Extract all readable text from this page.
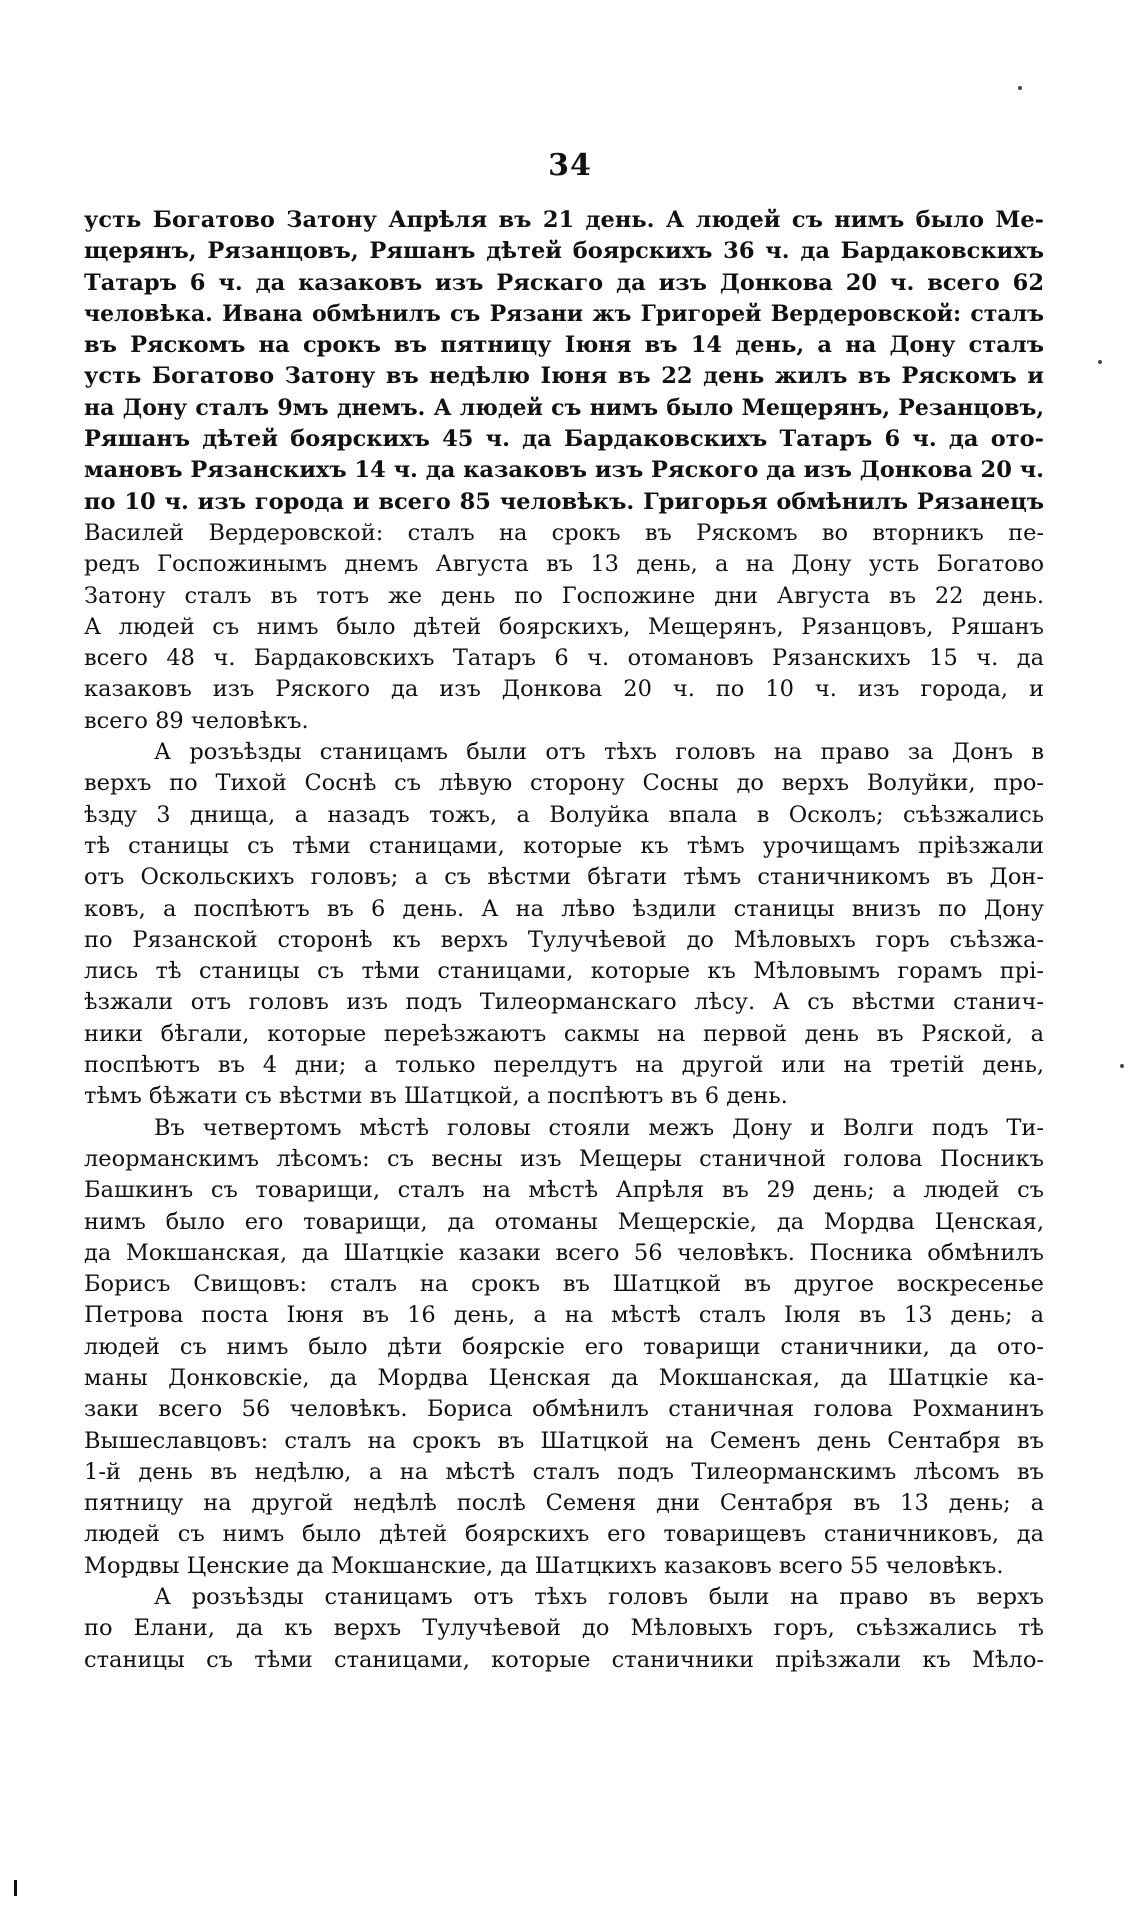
34
усть Богатово Затону Апрѣля въ 21 день. А людей съ нимъ было Ме-
щерянъ, Рязанцовъ, Ряшанъ дѣтей боярскихъ 36 ч. да Бардаковскихъ
Татаръ 6 ч. да казаковъ изъ Ряскаго да изъ Донкова 20 ч. всего 62
человѣка. Ивана обмѣнилъ съ Рязани жъ Григорей Вердеровской: сталъ
въ Ряскомъ на срокъ въ пятницу Іюня въ 14 день, а на Дону сталъ
усть Богатово Затону въ недѣлю Іюня въ 22 день жилъ въ Ряскомъ и
на Дону сталъ 9мъ днемъ. А людей съ нимъ было Мещерянъ, Резанцовъ,
Ряшанъ дѣтей боярскихъ 45 ч. да Бардаковскихъ Татаръ 6 ч. да ото-
мановъ Рязанскихъ 14 ч. да казаковъ изъ Ряского да изъ Донкова 20 ч.
по 10 ч. изъ города и всего 85 человѣкъ. Григорья обмѣнилъ Рязанецъ
Василей Вердеровской: сталъ на срокъ въ Ряскомъ во вторникъ пе-
редъ Госпожинымъ днемъ Августа въ 13 день, а на Дону усть Богатово
Затону сталъ въ тотъ же день по Госпожине дни Августа въ 22 день.
А людей съ нимъ было дѣтей боярскихъ, Мещерянъ, Рязанцовъ, Ряшанъ
всего 48 ч. Бардаковскихъ Татаръ 6 ч. отомановъ Рязанскихъ 15 ч. да
казаковъ изъ Ряского да изъ Донкова 20 ч. по 10 ч. изъ города, и
всего 89 человѣкъ.
А розъѣзды станицамъ были отъ тѣхъ головъ на право за Донъ в
верхъ по Тихой Соснѣ съ лѣвую сторону Сосны до верхъ Волуйки, про-
ѣзду 3 днища, а назадъ тожъ, а Волуйка впала в Осколъ; съѣзжались
тѣ станицы съ тѣми станицами, которые къ тѣмъ урочищамъ пріѣзжали
отъ Оскольскихъ головъ; а съ вѣстми бѣгати тѣмъ станичникомъ въ Дон-
ковъ, а поспѣютъ въ 6 день. А на лѣво ѣздили станицы внизъ по Дону
по Рязанской сторонѣ къ верхъ Тулучѣевой до Мѣловыхъ горъ съѣзжа-
лись тѣ станицы съ тѣми станицами, которые къ Мѣловымъ горамъ прі-
ѣзжали отъ головъ изъ подъ Тилеорманскаго лѣсу. А съ вѣстми станич-
ники бѣгали, которые переѣзжаютъ сакмы на первой день въ Ряской, а
поспѣютъ въ 4 дни; а только перелдутъ на другой или на третій день,
тѣмъ бѣжати съ вѣстми въ Шатцкой, а поспѣютъ въ 6 день.
Въ четвертомъ мѣстѣ головы стояли межъ Дону и Волги подъ Ти-
леорманскимъ лѣсомъ: съ весны изъ Мещеры станичной голова Посникъ
Башкинъ съ товарищи, сталъ на мѣстѣ Апрѣля въ 29 день; а людей съ
нимъ было его товарищи, да отоманы Мещерскіе, да Мордва Ценская,
да Мокшанская, да Шатцкіе казаки всего 56 человѣкъ. Посника обмѣнилъ
Борисъ Свищовъ: сталъ на срокъ въ Шатцкой въ другое воскресенье
Петрова поста Іюня въ 16 день, а на мѣстѣ сталъ Іюля въ 13 день; а
людей съ нимъ было дѣти боярскіе его товарищи станичники, да ото-
маны Донковскіе, да Мордва Ценская да Мокшанская, да Шатцкіе ка-
заки всего 56 человѣкъ. Бориса обмѣнилъ станичная голова Рохманинъ
Вышеславцовъ: сталъ на срокъ въ Шатцкой на Семенъ день Сентабря въ
1-й день въ недѣлю, а на мѣстѣ сталъ подъ Тилеорманскимъ лѣсомъ въ
пятницу на другой недѣлѣ послѣ Семеня дни Сентабря въ 13 день; а
людей съ нимъ было дѣтей боярскихъ его товарищевъ станичниковъ, да
Мордвы Ценские да Мокшанские, да Шатцкихъ казаковъ всего 55 человѣкъ.
А розъѣзды станицамъ отъ тѣхъ головъ были на право въ верхъ
по Елани, да къ верхъ Тулучѣевой до Мѣловыхъ горъ, съѣзжались тѣ
станицы съ тѣми станицами, которые станичники пріѣзжали къ Мѣло-
